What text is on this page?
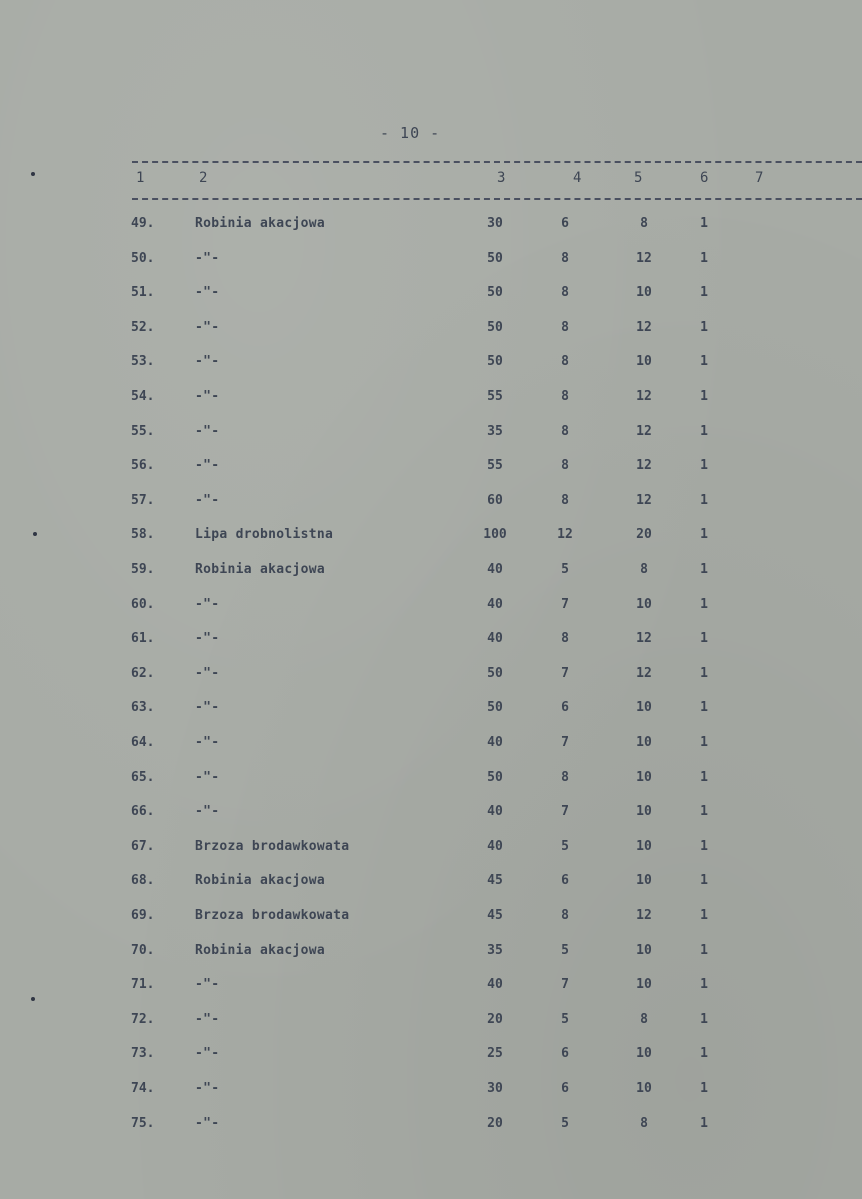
- 10 -
1	2	3	4	5	6	7
49.	Robinia akacjowa	30	6	8	1
50.	-"-	50	8	12	1
51.	-"-	50	8	10	1
52.	-"-	50	8	12	1
53.	-"-	50	8	10	1
54.	-"-	55	8	12	1
55.	-"-	35	8	12	1
56.	-"-	55	8	12	1
57.	-"-	60	8	12	1
58.	Lipa drobnolistna	100	12	20	1
59.	Robinia akacjowa	40	5	8	1
60.	-"-	40	7	10	1
61.	-"-	40	8	12	1
62.	-"-	50	7	12	1
63.	-"-	50	6	10	1
64.	-"-	40	7	10	1
65.	-"-	50	8	10	1
66.	-"-	40	7	10	1
67.	Brzoza brodawkowata	40	5	10	1
68.	Robinia akacjowa	45	6	10	1
69.	Brzoza brodawkowata	45	8	12	1
70.	Robinia akacjowa	35	5	10	1
71.	-"-	40	7	10	1
72.	-"-	20	5	8	1
73.	-"-	25	6	10	1
74.	-"-	30	6	10	1
75.	-"-	20	5	8	1
